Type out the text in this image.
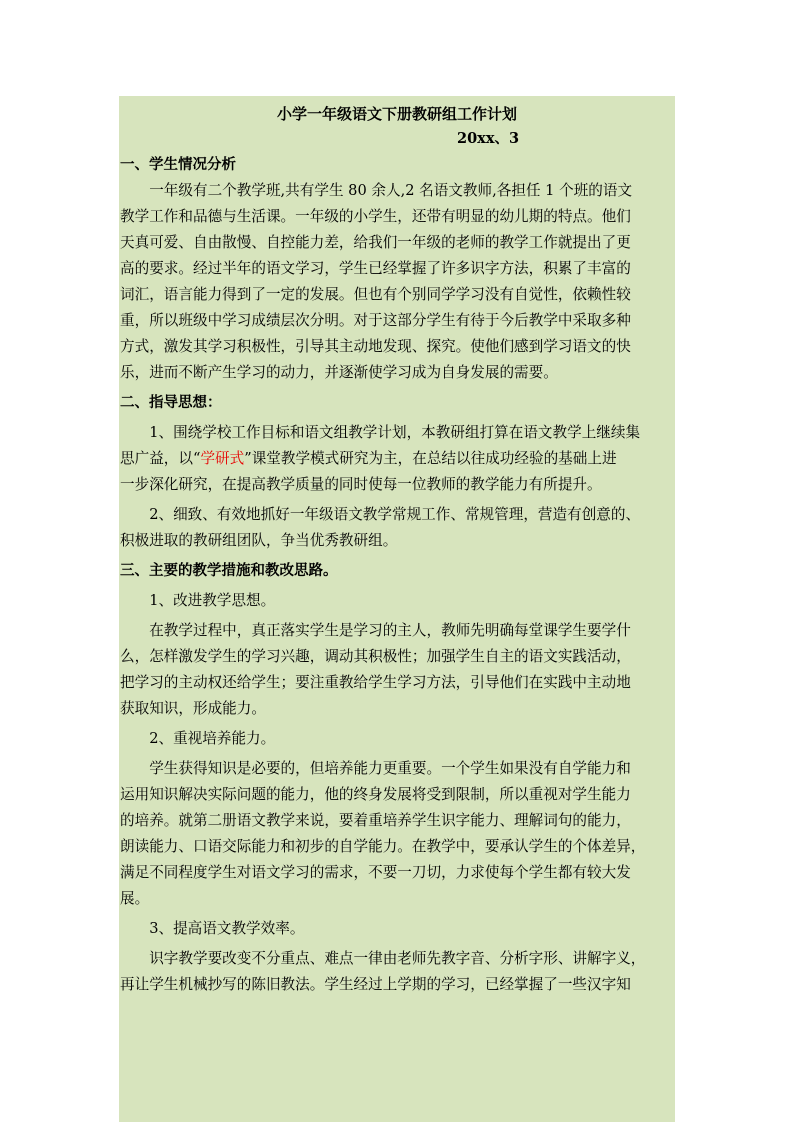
小学一年级语文下册教研组工作计划
20xx、3
一、学生情况分析
一年级有二个教学班,共有学生 80 余人,2 名语文教师,各担任 1 个班的语文
教学工作和品德与生活课。一年级的小学生，还带有明显的幼儿期的特点。他们
天真可爱、自由散慢、自控能力差，给我们一年级的老师的教学工作就提出了更
高的要求。经过半年的语文学习，学生已经掌握了许多识字方法，积累了丰富的
词汇，语言能力得到了一定的发展。但也有个别同学学习没有自觉性，依赖性较
重，所以班级中学习成绩层次分明。对于这部分学生有待于今后教学中采取多种
方式，激发其学习积极性，引导其主动地发现、探究。使他们感到学习语文的快
乐，进而不断产生学习的动力，并逐渐使学习成为自身发展的需要。
二、指导思想：
1、围绕学校工作目标和语文组教学计划，本教研组打算在语文教学上继续集
思广益，以“学研式”课堂教学模式研究为主，在总结以往成功经验的基础上进
一步深化研究，在提高教学质量的同时使每一位教师的教学能力有所提升。
2、细致、有效地抓好一年级语文教学常规工作、常规管理，营造有创意的、
积极进取的教研组团队，争当优秀教研组。
三、主要的教学措施和教改思路。
1、改进教学思想。
在教学过程中，真正落实学生是学习的主人，教师先明确每堂课学生要学什
么，怎样激发学生的学习兴趣，调动其积极性；加强学生自主的语文实践活动，
把学习的主动权还给学生；要注重教给学生学习方法，引导他们在实践中主动地
获取知识，形成能力。
2、重视培养能力。
学生获得知识是必要的，但培养能力更重要。一个学生如果没有自学能力和
运用知识解决实际问题的能力，他的终身发展将受到限制，所以重视对学生能力
的培养。就第二册语文教学来说，要着重培养学生识字能力、理解词句的能力，
朗读能力、口语交际能力和初步的自学能力。在教学中，要承认学生的个体差异，
满足不同程度学生对语文学习的需求，不要一刀切，力求使每个学生都有较大发
展。
3、提高语文教学效率。
识字教学要改变不分重点、难点一律由老师先教字音、分析字形、讲解字义，
再让学生机械抄写的陈旧教法。学生经过上学期的学习，已经掌握了一些汉字知
